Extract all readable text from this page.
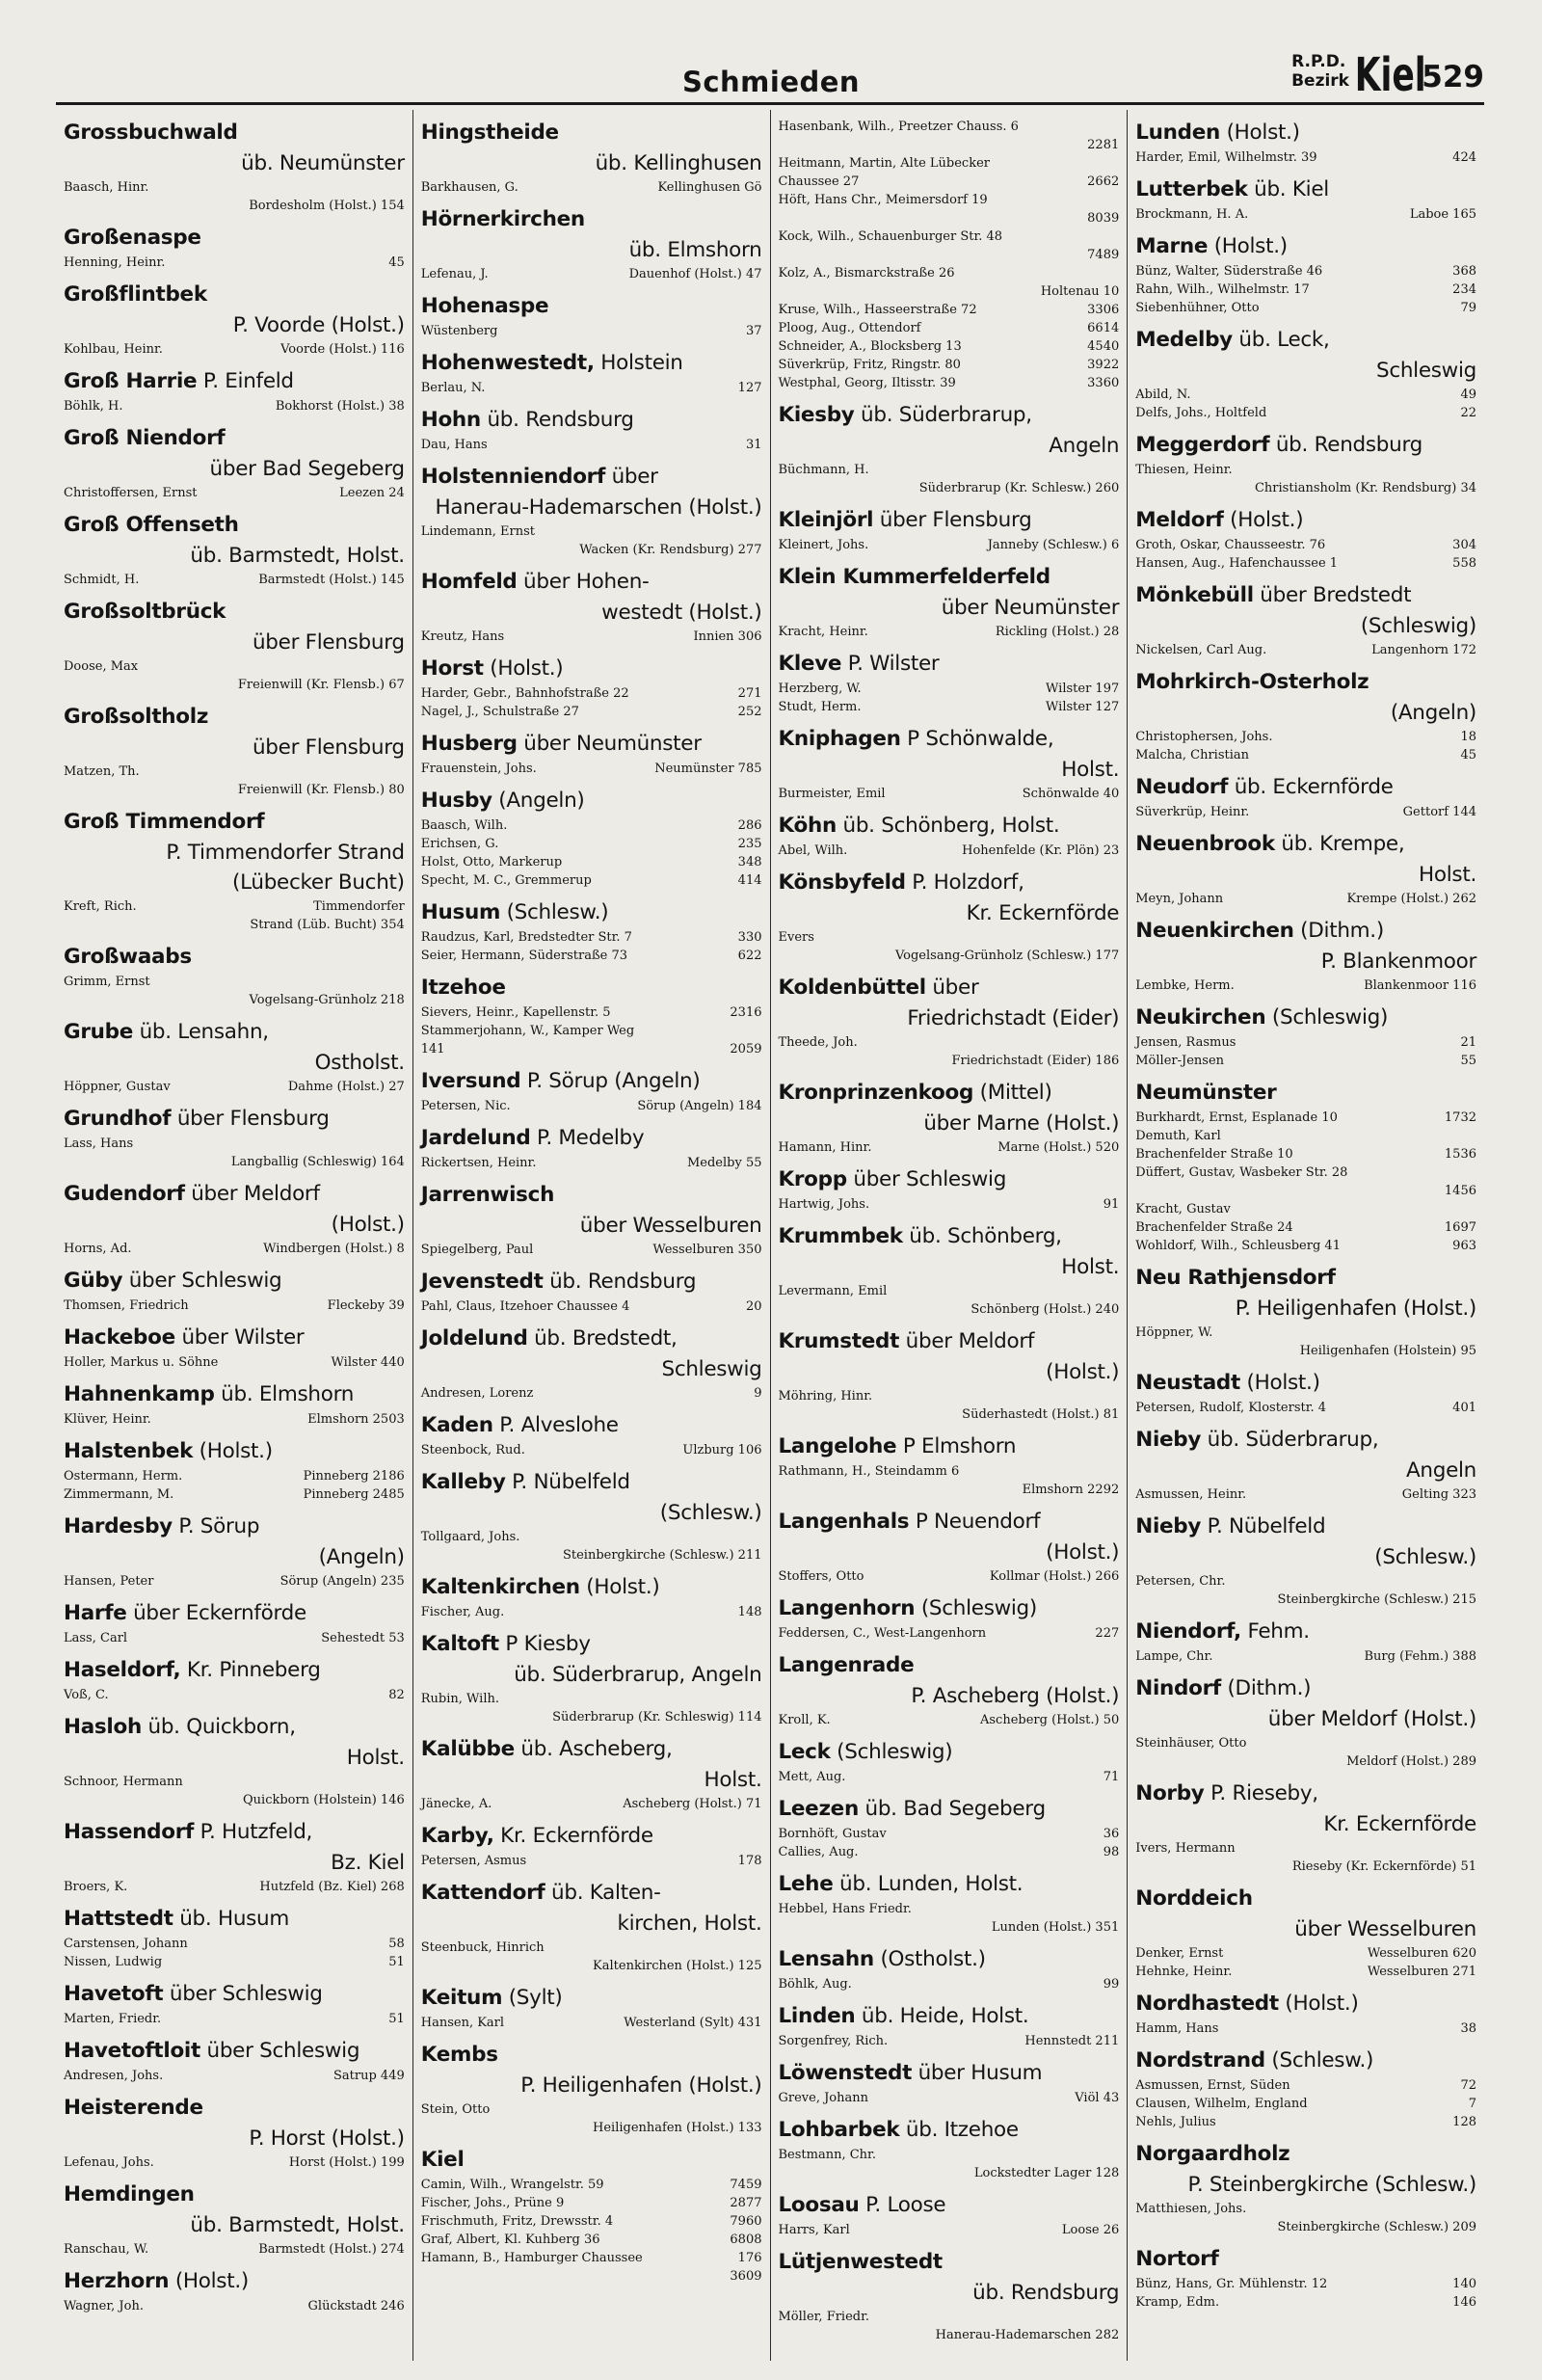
Schmieden
R.P.D.
Bezirk Kiel
529
Grossbuchwald
üb. Neumünster
Baasch, Hinr.
Bordesholm (Holst.) 154
Großenaspe
45
Henning, Heinr.
Großflintbek
P. Voorde (Holst.)
Voorde (Holst.) 116
Kohlbau, Heinr.
Groß Harrie P. Einfeld
Bokhorst (Holst.) 38
Böhlk, H.
Groß Niendorf
über Bad Segeberg
Leezen 24
Christoffersen, Ernst
Groß Offenseth
üb. Barmstedt, Holst.
Barmstedt (Holst.) 145
Schmidt, H.
Großsoltbrück
über Flensburg
Doose, Max
Freienwill (Kr. Flensb.) 67
Großsoltholz
über Flensburg
Matzen, Th.
Freienwill (Kr. Flensb.) 80
Groß Timmendorf
P. Timmendorfer Strand (Lübecker Bucht)
Timmendorfer
Kreft, Rich.
Strand (Lüb. Bucht) 354
Großwaabs
Grimm, Ernst
Vogelsang-Grünholz 218
Grube üb. Lensahn,
Ostholst.
Dahme (Holst.) 27
Höppner, Gustav
Grundhof über Flensburg
Lass, Hans
Langballig (Schleswig) 164
Gudendorf über Meldorf
(Holst.)
Windbergen (Holst.) 8
Horns, Ad.
Güby über Schleswig
Fleckeby 39
Thomsen, Friedrich
Hackeboe über Wilster
Wilster 440
Holler, Markus u. Söhne
Hahnenkamp üb. Elmshorn
Elmshorn 2503
Klüver, Heinr.
Halstenbek (Holst.)
Pinneberg 2186
Ostermann, Herm.
Pinneberg 2485
Zimmermann, M.
Hardesby P. Sörup
(Angeln)
Sörup (Angeln) 235
Hansen, Peter
Harfe über Eckernförde
Sehestedt 53
Lass, Carl
Haseldorf, Kr. Pinneberg
82
Voß, C.
Hasloh üb. Quickborn,
Holst.
Schnoor, Hermann
Quickborn (Holstein) 146
Hassendorf P. Hutzfeld,
Bz. Kiel
Hutzfeld (Bz. Kiel) 268
Broers, K.
Hattstedt üb. Husum
58
Carstensen, Johann
51
Nissen, Ludwig
Havetoft über Schleswig
51
Marten, Friedr.
Havetoftloit über Schleswig
Satrup 449
Andresen, Johs.
Heisterende
P. Horst (Holst.)
Horst (Holst.) 199
Lefenau, Johs.
Hemdingen
üb. Barmstedt, Holst.
Barmstedt (Holst.) 274
Ranschau, W.
Herzhorn (Holst.)
Glückstadt 246
Wagner, Joh.
Hingstheide
üb. Kellinghusen
Kellinghusen Gö
Barkhausen, G.
Hörnerkirchen
üb. Elmshorn
Dauenhof (Holst.) 47
Lefenau, J.
Hohenaspe
37
Wüstenberg
Hohenwestedt, Holstein
127
Berlau, N.
Hohn üb. Rendsburg
31
Dau, Hans
Holstenniendorf über
Hanerau-Hademarschen (Holst.)
Lindemann, Ernst
Wacken (Kr. Rendsburg) 277
Homfeld über Hohen-
westedt (Holst.)
Innien 306
Kreutz, Hans
Horst (Holst.)
271
Harder, Gebr., Bahnhofstraße 22
252
Nagel, J., Schulstraße 27
Husberg über Neumünster
Neumünster 785
Frauenstein, Johs.
Husby (Angeln)
286
Baasch, Wilh.
235
Erichsen, G.
348
Holst, Otto, Markerup
414
Specht, M. C., Gremmerup
Husum (Schlesw.)
330
Raudzus, Karl, Bredstedter Str. 7
622
Seier, Hermann, Süderstraße 73
Itzehoe
2316
Sievers, Heinr., Kapellenstr. 5
Stammerjohann, W., Kamper Weg
2059
141
Iversund P. Sörup (Angeln)
Sörup (Angeln) 184
Petersen, Nic.
Jardelund P. Medelby
Medelby 55
Rickertsen, Heinr.
Jarrenwisch
über Wesselburen
Wesselburen 350
Spiegelberg, Paul
Jevenstedt üb. Rendsburg
20
Pahl, Claus, Itzehoer Chaussee 4
Joldelund üb. Bredstedt,
Schleswig
9
Andresen, Lorenz
Kaden P. Alveslohe
Ulzburg 106
Steenbock, Rud.
Kalleby P. Nübelfeld
(Schlesw.)
Tollgaard, Johs.
Steinbergkirche (Schlesw.) 211
Kaltenkirchen (Holst.)
148
Fischer, Aug.
Kaltoft P Kiesby
üb. Süderbrarup, Angeln
Rubin, Wilh.
Süderbrarup (Kr. Schleswig) 114
Kalübbe üb. Ascheberg,
Holst.
Ascheberg (Holst.) 71
Jänecke, A.
Karby, Kr. Eckernförde
178
Petersen, Asmus
Kattendorf üb. Kalten-
kirchen, Holst.
Steenbuck, Hinrich
Kaltenkirchen (Holst.) 125
Keitum (Sylt)
Westerland (Sylt) 431
Hansen, Karl
Kembs
P. Heiligenhafen (Holst.)
Stein, Otto
Heiligenhafen (Holst.) 133
Kiel
7459
Camin, Wilh., Wrangelstr. 59
2877
Fischer, Johs., Prüne 9
7960
Frischmuth, Fritz, Drewsstr. 4
6808
Graf, Albert, Kl. Kuhberg 36
176
Hamann, B., Hamburger Chaussee
3609
Hasenbank, Wilh., Preetzer Chauss. 6
2281
Heitmann, Martin, Alte Lübecker
2662
Chaussee 27
Höft, Hans Chr., Meimersdorf 19
8039
Kock, Wilh., Schauenburger Str. 48
7489
Kolz, A., Bismarckstraße 26
Holtenau 10
3306
Kruse, Wilh., Hasseerstraße 72
6614
Ploog, Aug., Ottendorf
4540
Schneider, A., Blocksberg 13
3922
Süverkrüp, Fritz, Ringstr. 80
3360
Westphal, Georg, Iltisstr. 39
Kiesby üb. Süderbrarup,
Angeln
Büchmann, H.
Süderbrarup (Kr. Schlesw.) 260
Kleinjörl über Flensburg
Janneby (Schlesw.) 6
Kleinert, Johs.
Klein Kummerfelderfeld
über Neumünster
Rickling (Holst.) 28
Kracht, Heinr.
Kleve P. Wilster
Wilster 197
Herzberg, W.
Wilster 127
Studt, Herm.
Kniphagen P Schönwalde,
Holst.
Schönwalde 40
Burmeister, Emil
Köhn üb. Schönberg, Holst.
Hohenfelde (Kr. Plön) 23
Abel, Wilh.
Könsbyfeld P. Holzdorf,
Kr. Eckernförde
Evers
Vogelsang-Grünholz (Schlesw.) 177
Koldenbüttel über
Friedrichstadt (Eider)
Theede, Joh.
Friedrichstadt (Eider) 186
Kronprinzenkoog (Mittel)
über Marne (Holst.)
Marne (Holst.) 520
Hamann, Hinr.
Kropp über Schleswig
91
Hartwig, Johs.
Krummbek üb. Schönberg,
Holst.
Levermann, Emil
Schönberg (Holst.) 240
Krumstedt über Meldorf
(Holst.)
Möhring, Hinr.
Süderhastedt (Holst.) 81
Langelohe P Elmshorn
Rathmann, H., Steindamm 6
Elmshorn 2292
Langenhals P Neuendorf
(Holst.)
Kollmar (Holst.) 266
Stoffers, Otto
Langenhorn (Schleswig)
227
Feddersen, C., West-Langenhorn
Langenrade
P. Ascheberg (Holst.)
Ascheberg (Holst.) 50
Kroll, K.
Leck (Schleswig)
71
Mett, Aug.
Leezen üb. Bad Segeberg
36
Bornhöft, Gustav
98
Callies, Aug.
Lehe üb. Lunden, Holst.
Hebbel, Hans Friedr.
Lunden (Holst.) 351
Lensahn (Ostholst.)
99
Böhlk, Aug.
Linden üb. Heide, Holst.
Hennstedt 211
Sorgenfrey, Rich.
Löwenstedt über Husum
Viöl 43
Greve, Johann
Lohbarbek üb. Itzehoe
Bestmann, Chr.
Lockstedter Lager 128
Loosau P. Loose
Loose 26
Harrs, Karl
Lütjenwestedt
üb. Rendsburg
Möller, Friedr.
Hanerau-Hademarschen 282
Lunden (Holst.)
424
Harder, Emil, Wilhelmstr. 39
Lutterbek üb. Kiel
Laboe 165
Brockmann, H. A.
Marne (Holst.)
368
Bünz, Walter, Süderstraße 46
234
Rahn, Wilh., Wilhelmstr. 17
79
Siebenhühner, Otto
Medelby üb. Leck,
Schleswig
49
Abild, N.
22
Delfs, Johs., Holtfeld
Meggerdorf üb. Rendsburg
Thiesen, Heinr.
Christiansholm (Kr. Rendsburg) 34
Meldorf (Holst.)
304
Groth, Oskar, Chausseestr. 76
558
Hansen, Aug., Hafenchaussee 1
Mönkebüll über Bredstedt
(Schleswig)
Langenhorn 172
Nickelsen, Carl Aug.
Mohrkirch-Osterholz
(Angeln)
18
Christophersen, Johs.
45
Malcha, Christian
Neudorf üb. Eckernförde
Gettorf 144
Süverkrüp, Heinr.
Neuenbrook üb. Krempe,
Holst.
Krempe (Holst.) 262
Meyn, Johann
Neuenkirchen (Dithm.)
P. Blankenmoor
Blankenmoor 116
Lembke, Herm.
Neukirchen (Schleswig)
21
Jensen, Rasmus
55
Möller-Jensen
Neumünster
1732
Burkhardt, Ernst, Esplanade 10
Demuth, Karl
1536
Brachenfelder Straße 10
Düffert, Gustav, Wasbeker Str. 28
1456
Kracht, Gustav
1697
Brachenfelder Straße 24
963
Wohldorf, Wilh., Schleusberg 41
Neu Rathjensdorf
P. Heiligenhafen (Holst.)
Höppner, W.
Heiligenhafen (Holstein) 95
Neustadt (Holst.)
401
Petersen, Rudolf, Klosterstr. 4
Nieby üb. Süderbrarup,
Angeln
Gelting 323
Asmussen, Heinr.
Nieby P. Nübelfeld
(Schlesw.)
Petersen, Chr.
Steinbergkirche (Schlesw.) 215
Niendorf, Fehm.
Burg (Fehm.) 388
Lampe, Chr.
Nindorf (Dithm.)
über Meldorf (Holst.)
Steinhäuser, Otto
Meldorf (Holst.) 289
Norby P. Rieseby,
Kr. Eckernförde
Ivers, Hermann
Rieseby (Kr. Eckernförde) 51
Norddeich
über Wesselburen
Wesselburen 620
Denker, Ernst
Wesselburen 271
Hehnke, Heinr.
Nordhastedt (Holst.)
38
Hamm, Hans
Nordstrand (Schlesw.)
72
Asmussen, Ernst, Süden
7
Clausen, Wilhelm, England
128
Nehls, Julius
Norgaardholz
P. Steinbergkirche (Schlesw.)
Matthiesen, Johs.
Steinbergkirche (Schlesw.) 209
Nortorf
140
Bünz, Hans, Gr. Mühlenstr. 12
146
Kramp, Edm.
